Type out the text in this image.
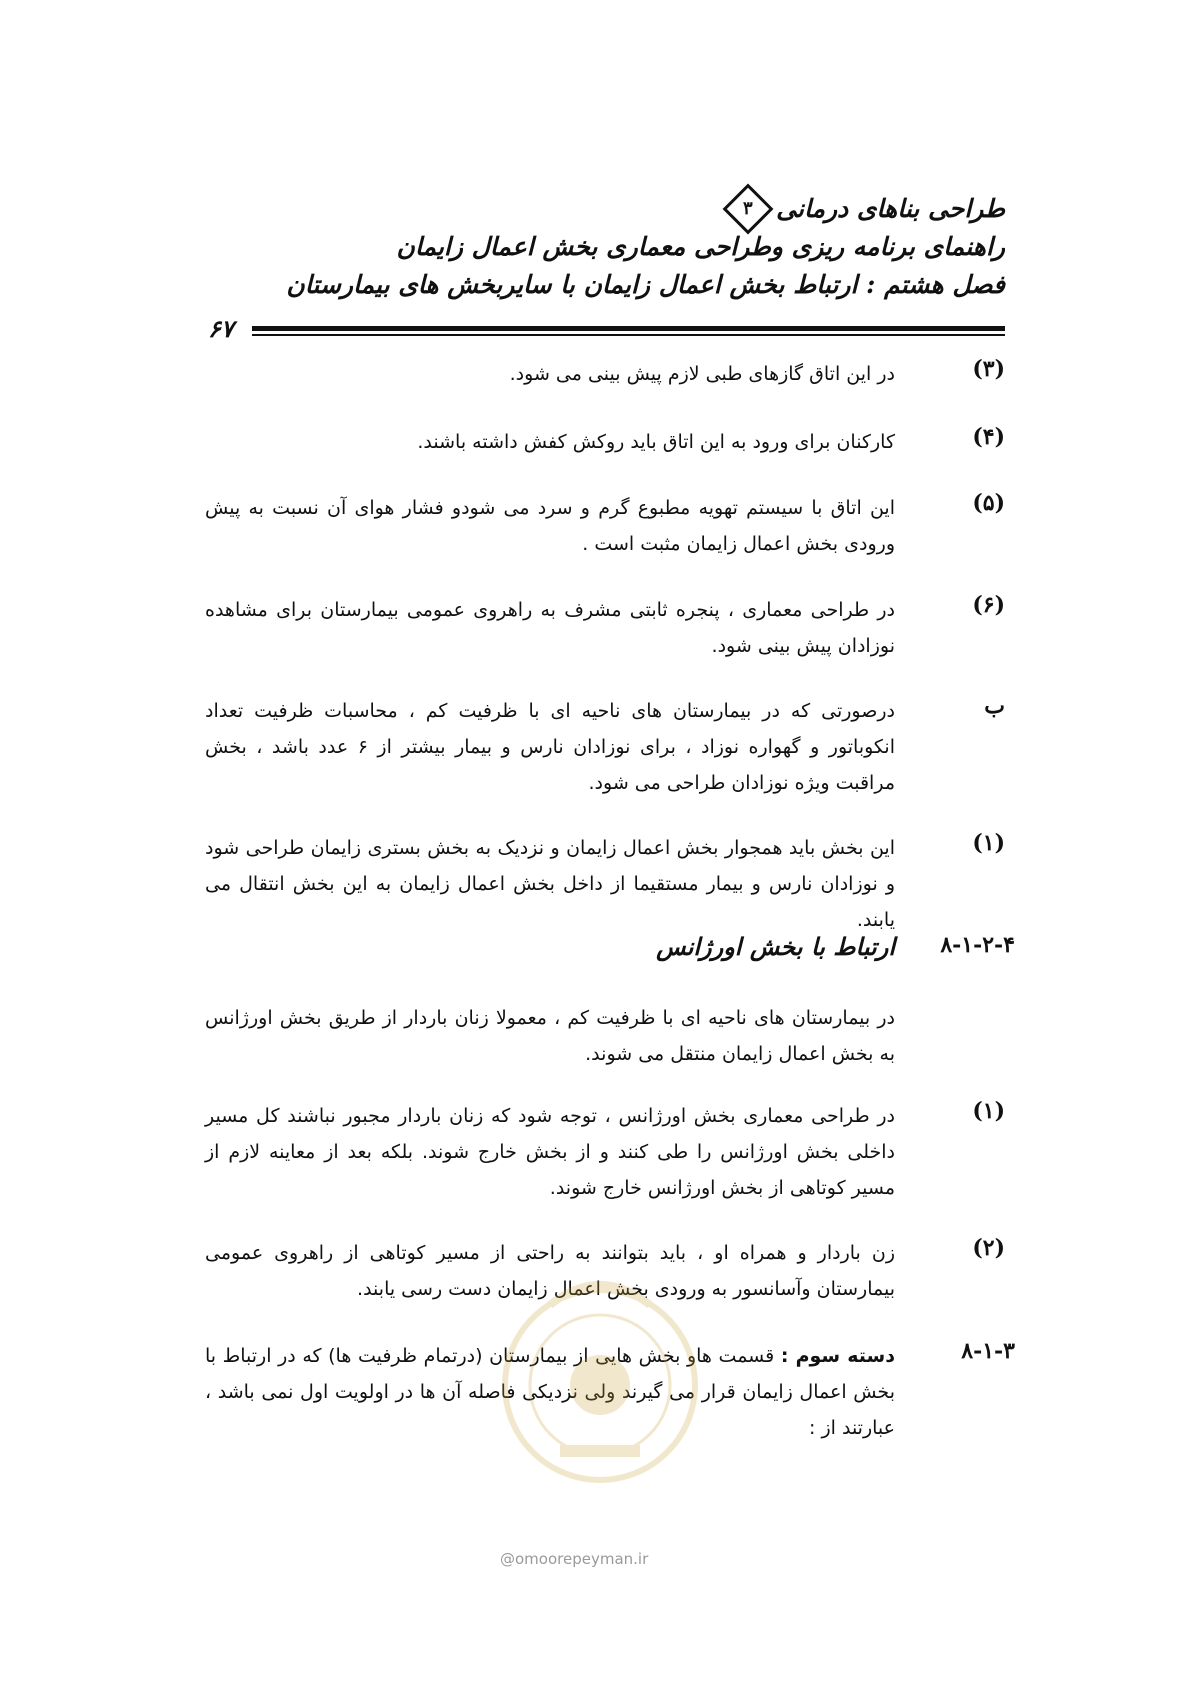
طراحی بناهای درمانی
۳
راهنمای برنامه ریزی وطراحی معماری بخش اعمال زایمان
فصل هشتم : ارتباط بخش اعمال زایمان با سایربخش های بیمارستان
۶۷
(۳)
در این اتاق گازهای طبی لازم پیش بینی می شود.
(۴)
کارکنان برای ورود به این اتاق باید روکش کفش داشته باشند.
(۵)
این اتاق با سیستم تهویه مطبوع گرم و سرد می شودو فشار هوای آن نسبت به پیش ورودی بخش اعمال زایمان مثبت است .
(۶)
در طراحی معماری ، پنجره ثابتی مشرف به راهروی عمومی بیمارستان برای مشاهده نوزادان پیش بینی شود.
ب
درصورتی که در بیمارستان های ناحیه ای با ظرفیت کم ، محاسبات ظرفیت تعداد انکوباتور و گهواره نوزاد ، برای نوزادان نارس و بیمار بیشتر از ۶ عدد باشد ، بخش مراقبت ویژه نوزادان طراحی می شود.
(۱)
این بخش باید همجوار بخش اعمال زایمان و نزدیک به بخش بستری زایمان طراحی شود و نوزادان نارس و بیمار مستقیما از داخل بخش اعمال زایمان به این بخش انتقال می یابند.
۸-۱-۲-۴
ارتباط با بخش اورژانس
در بیمارستان های ناحیه ای با ظرفیت کم ، معمولا زنان باردار از طریق بخش اورژانس به بخش اعمال زایمان منتقل می شوند.
(۱)
در طراحی معماری بخش اورژانس ، توجه شود که زنان باردار مجبور نباشند کل مسیر داخلی بخش اورژانس را طی کنند و از بخش خارج شوند. بلکه بعد از معاینه لازم از مسیر کوتاهی از بخش اورژانس خارج شوند.
(۲)
زن باردار و همراه او ، باید بتوانند به راحتی از مسیر کوتاهی از راهروی عمومی بیمارستان وآسانسور به ورودی بخش اعمال زایمان دست رسی یابند.
۸-۱-۳
دسته سوم : قسمت هاو بخش هایی از بیمارستان (درتمام ظرفیت ها) که در ارتباط با بخش اعمال زایمان قرار می گیرند ولی نزدیکی فاصله آن ها در اولویت اول نمی باشد ، عبارتند از :
@omoorepeyman.ir
